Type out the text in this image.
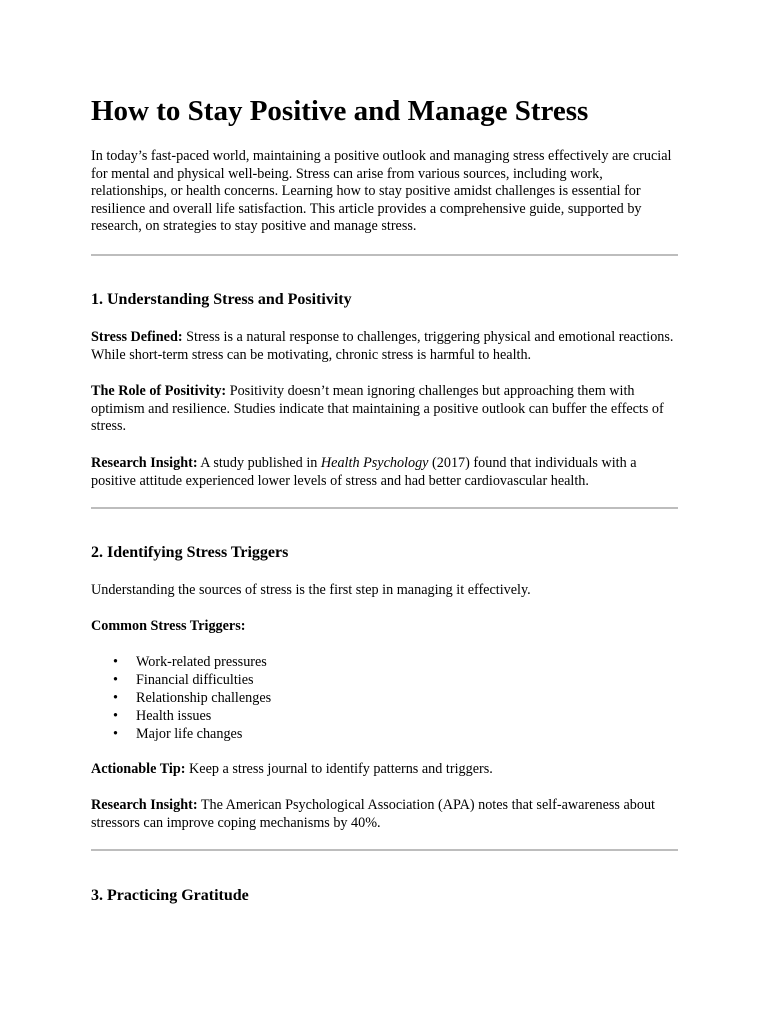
How to Stay Positive and Manage Stress

In today’s fast-paced world, maintaining a positive outlook and managing stress effectively are crucial for mental and physical well-being. Stress can arise from various sources, including work, relationships, or health concerns. Learning how to stay positive amidst challenges is essential for resilience and overall life satisfaction. This article provides a comprehensive guide, supported by research, on strategies to stay positive and manage stress.

1. Understanding Stress and Positivity

Stress Defined: Stress is a natural response to challenges, triggering physical and emotional reactions. While short-term stress can be motivating, chronic stress is harmful to health.

The Role of Positivity: Positivity doesn’t mean ignoring challenges but approaching them with optimism and resilience. Studies indicate that maintaining a positive outlook can buffer the effects of stress.

Research Insight: A study published in Health Psychology (2017) found that individuals with a positive attitude experienced lower levels of stress and had better cardiovascular health.

2. Identifying Stress Triggers

Understanding the sources of stress is the first step in managing it effectively.

Common Stress Triggers:

• Work-related pressures
• Financial difficulties
• Relationship challenges
• Health issues
• Major life changes

Actionable Tip: Keep a stress journal to identify patterns and triggers.

Research Insight: The American Psychological Association (APA) notes that self-awareness about stressors can improve coping mechanisms by 40%.

3. Practicing Gratitude
